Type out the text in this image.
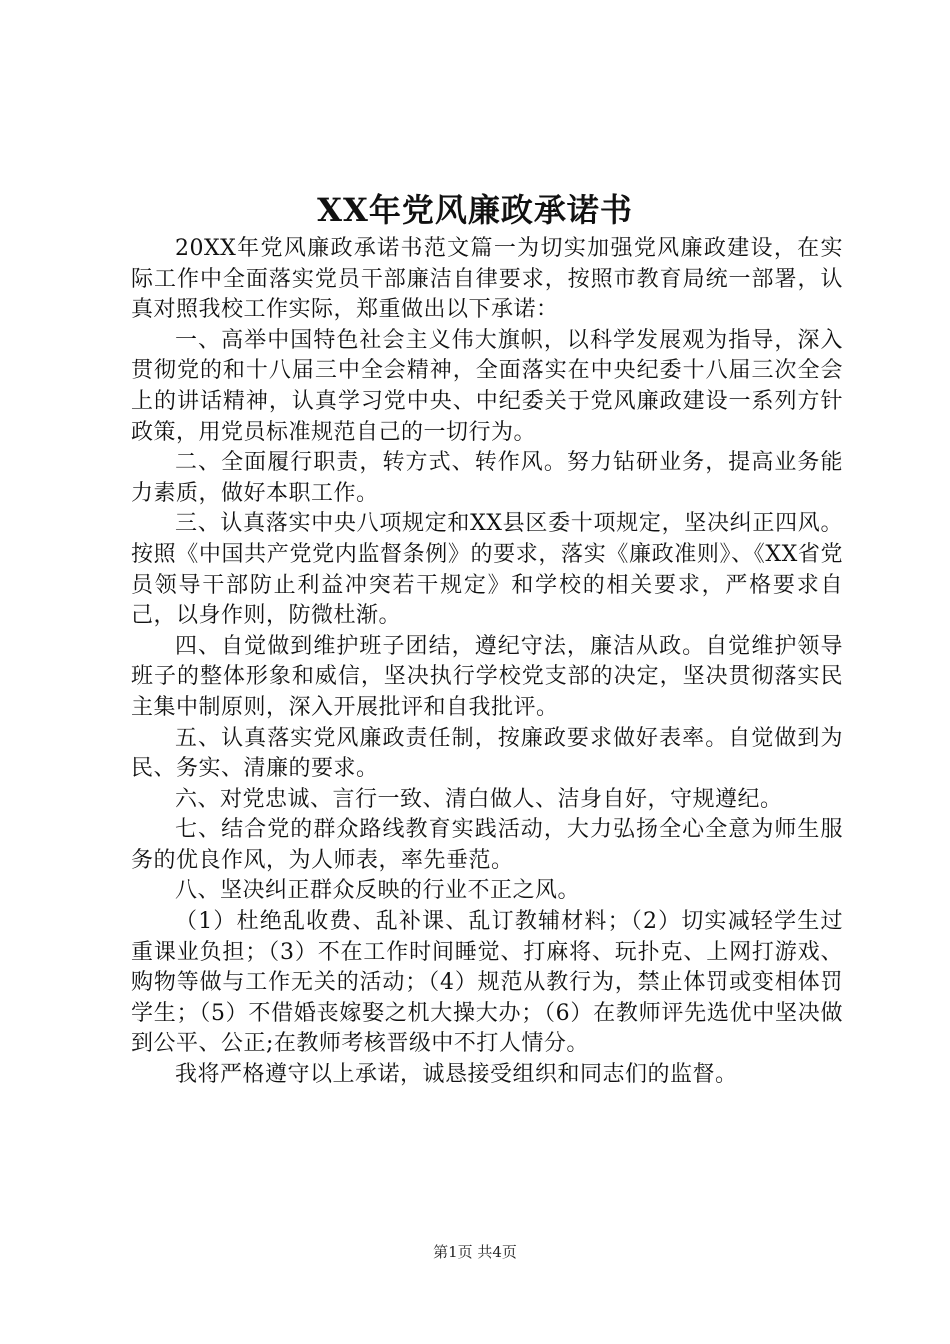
XX年党风廉政承诺书

20XX年党风廉政承诺书范文篇一为切实加强党风廉政建设，在实际工作中全面落实党员干部廉洁自律要求，按照市教育局统一部署，认真对照我校工作实际，郑重做出以下承诺：

一、高举中国特色社会主义伟大旗帜，以科学发展观为指导，深入贯彻党的和十八届三中全会精神，全面落实在中央纪委十八届三次全会上的讲话精神，认真学习党中央、中纪委关于党风廉政建设一系列方针政策，用党员标准规范自己的一切行为。

二、全面履行职责，转方式、转作风。努力钻研业务，提高业务能力素质，做好本职工作。

三、认真落实中央八项规定和XX县区委十项规定，坚决纠正四风。按照《中国共产党党内监督条例》的要求，落实《廉政准则》、《XX省党员领导干部防止利益冲突若干规定》和学校的相关要求，严格要求自己，以身作则，防微杜渐。

四、自觉做到维护班子团结，遵纪守法，廉洁从政。自觉维护领导班子的整体形象和威信，坚决执行学校党支部的决定，坚决贯彻落实民主集中制原则，深入开展批评和自我批评。

五、认真落实党风廉政责任制，按廉政要求做好表率。自觉做到为民、务实、清廉的要求。

六、对党忠诚、言行一致、清白做人、洁身自好，守规遵纪。

七、结合党的群众路线教育实践活动，大力弘扬全心全意为师生服务的优良作风，为人师表，率先垂范。

八、坚决纠正群众反映的行业不正之风。

（1）杜绝乱收费、乱补课、乱订教辅材料；（2）切实减轻学生过重课业负担；（3）不在工作时间睡觉、打麻将、玩扑克、上网打游戏、购物等做与工作无关的活动；（4）规范从教行为，禁止体罚或变相体罚学生；（5）不借婚丧嫁娶之机大操大办；（6）在教师评先选优中坚决做到公平、公正;在教师考核晋级中不打人情分。

我将严格遵守以上承诺，诚恳接受组织和同志们的监督。

第1页 共4页
